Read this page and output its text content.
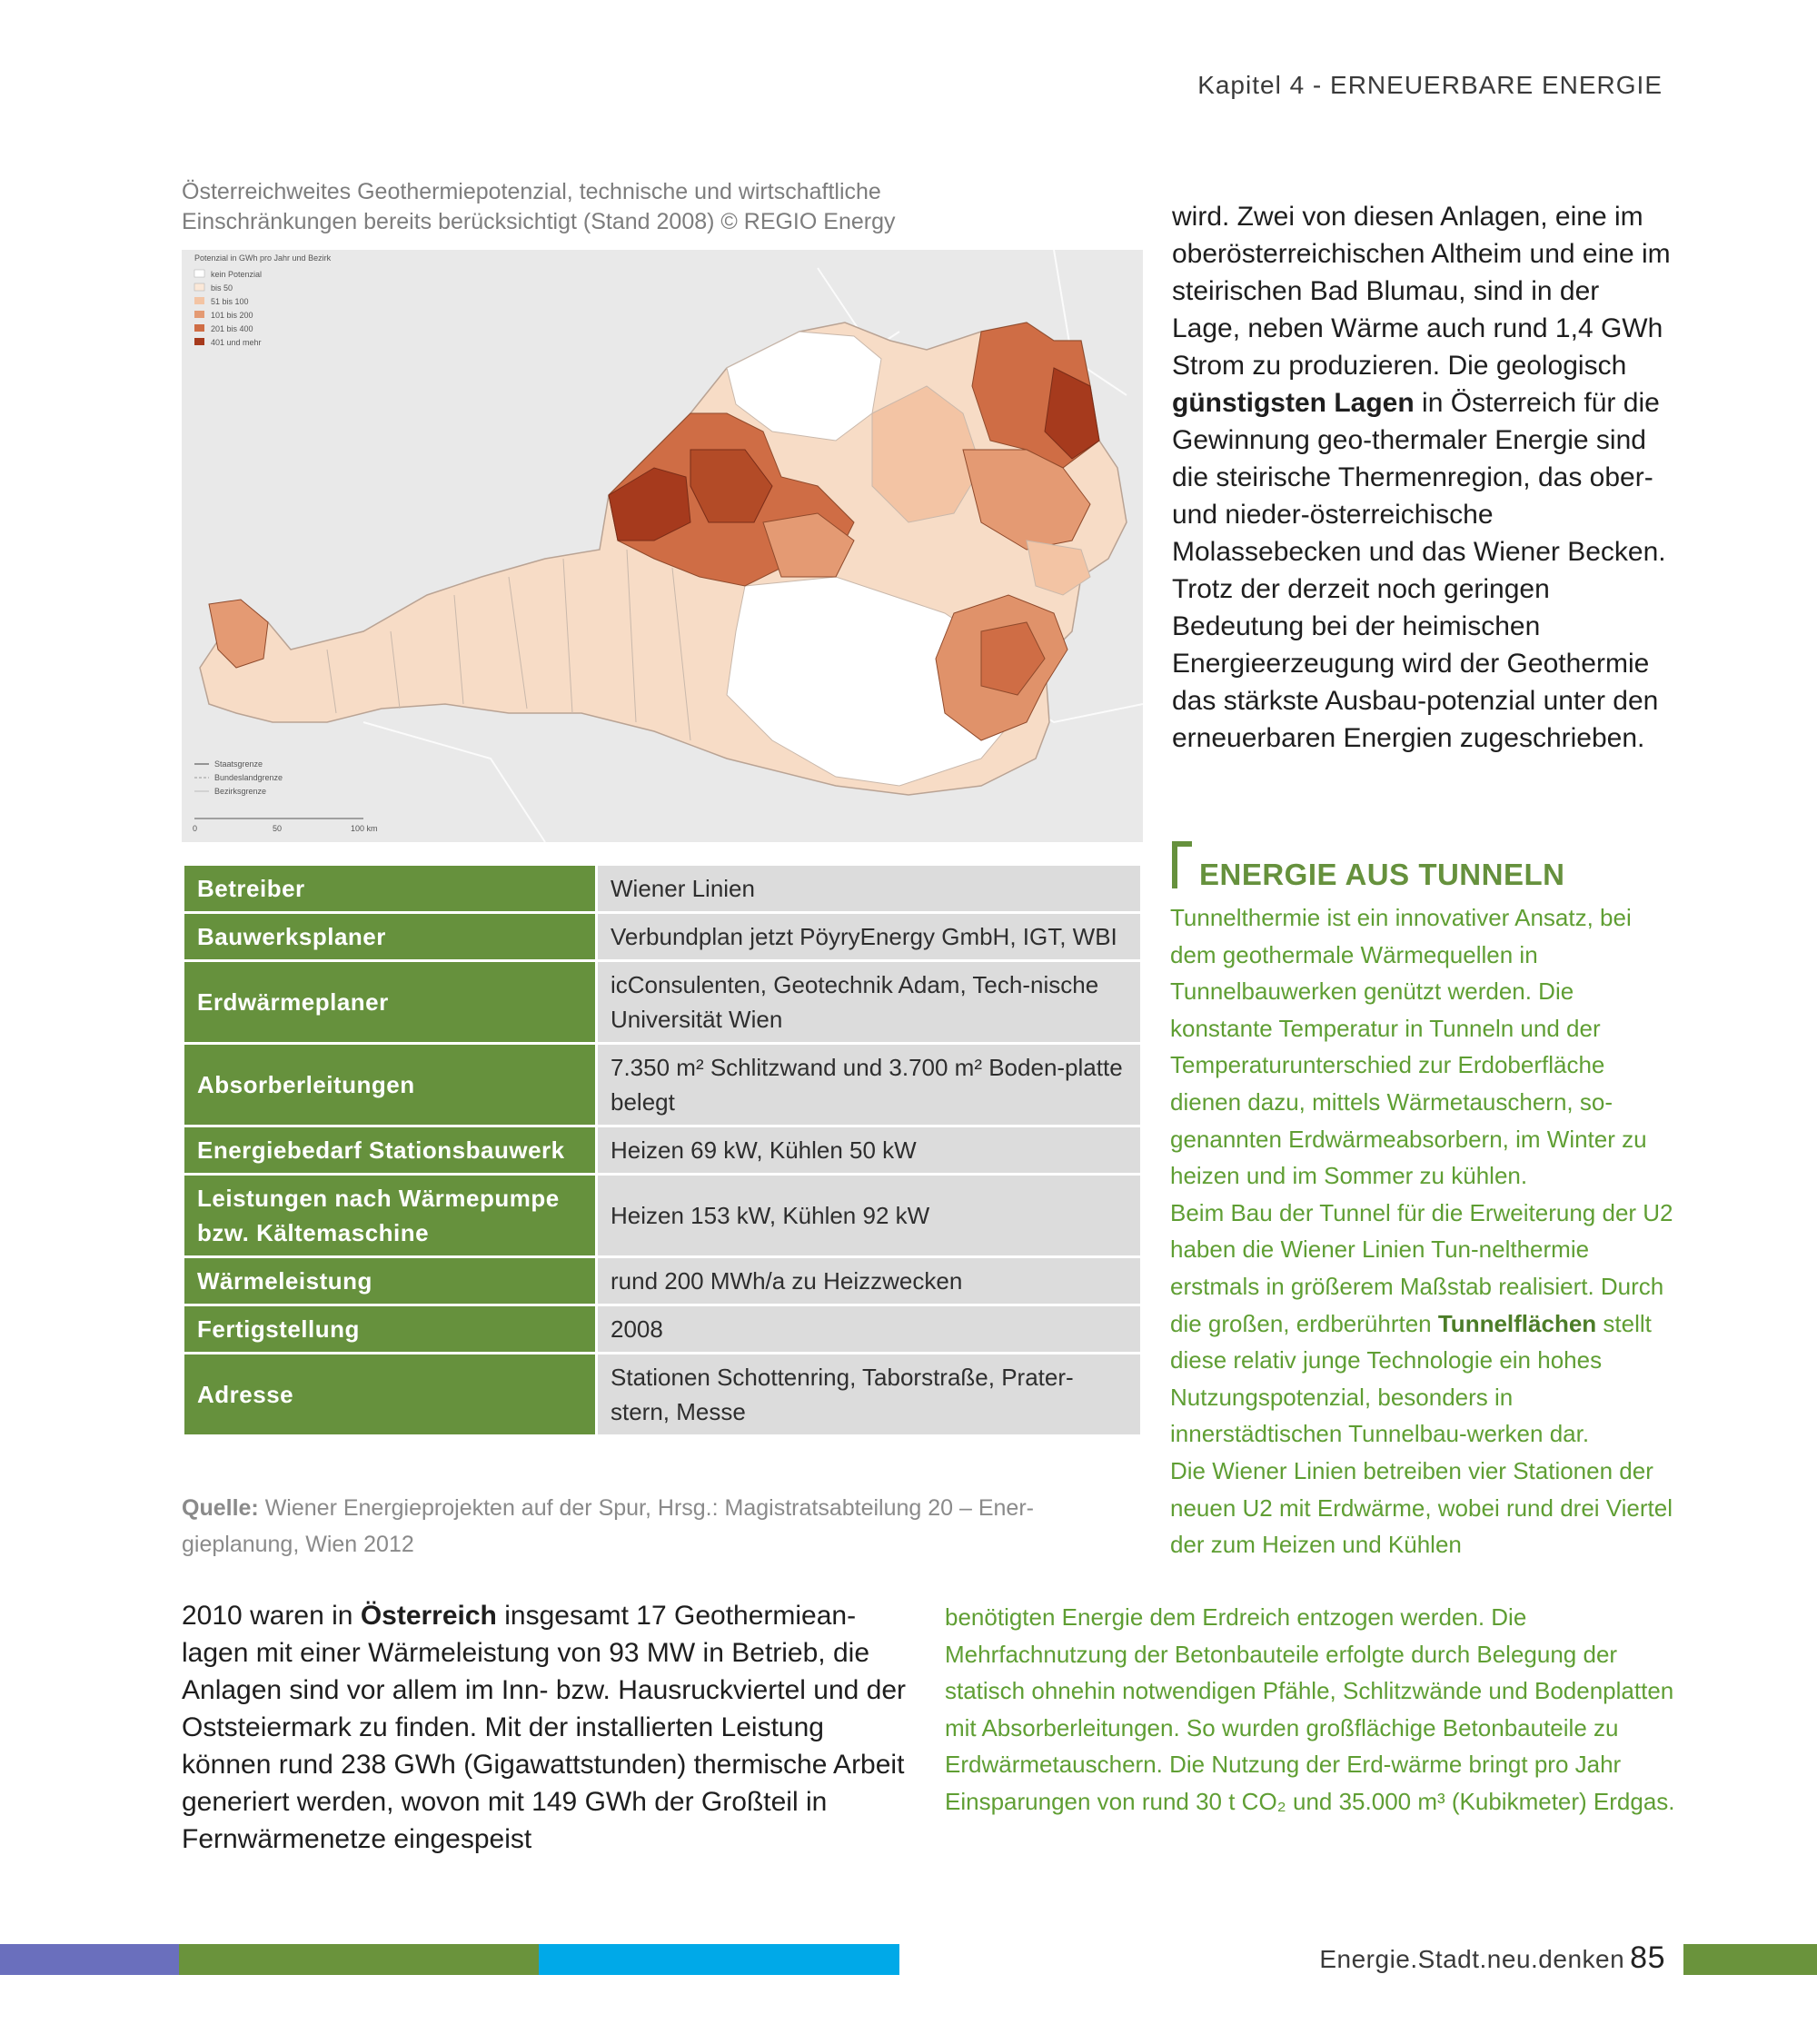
Kapitel 4 - ERNEUERBARE ENERGIE
Österreichweites Geothermiepotenzial, technische und wirtschaftliche
Einschränkungen bereits berücksichtigt (Stand 2008) © REGIO Energy
Potenzial in GWh pro Jahr und Bezirk
kein Potenzial
bis 50
51 bis 100
101 bis 200
201 bis 400
401 und mehr
Staatsgrenze
Bundeslandgrenze
Bezirksgrenze
0	50	100 km
Betreiber	Wiener Linien
Bauwerksplaner	Verbundplan jetzt PöyryEnergy GmbH, IGT, WBI
Erdwärmeplaner	icConsulenten, Geotechnik Adam, Tech-nische Universität Wien
Absorberleitungen	7.350 m² Schlitzwand und 3.700 m² Boden-platte belegt
Energiebedarf Stationsbauwerk	Heizen 69 kW, Kühlen 50 kW
Leistungen nach Wärmepumpe bzw. Kältemaschine	Heizen 153 kW, Kühlen 92 kW
Wärmeleistung	rund 200 MWh/a zu Heizzwecken
Fertigstellung	2008
Adresse	Stationen Schottenring, Taborstraße, Prater-stern, Messe
Quelle: Wiener Energieprojekten auf der Spur, Hrsg.: Magistratsabteilung 20 – Ener-gieplanung, Wien 2012
2010 waren in Österreich insgesamt 17 Geothermiean-lagen mit einer Wärmeleistung von 93 MW in Betrieb, die Anlagen sind vor allem im Inn- bzw. Hausruckviertel und der Oststeiermark zu finden. Mit der installierten Leistung können rund 238 GWh (Gigawattstunden) thermische Arbeit generiert werden, wovon mit 149 GWh der Großteil in Fernwärmenetze eingespeist
wird. Zwei von diesen Anlagen, eine im oberösterreichischen Altheim und eine im steirischen Bad Blumau, sind in der Lage, neben Wärme auch rund 1,4 GWh Strom zu produzieren. Die geologisch günstigsten Lagen in Österreich für die Gewinnung geo-thermaler Energie sind die steirische Thermenregion, das ober- und nieder-österreichische Molassebecken und das Wiener Becken. Trotz der derzeit noch geringen Bedeutung bei der heimischen Energieerzeugung wird der Geothermie das stärkste Ausbau-potenzial unter den erneuerbaren Energien zugeschrieben.
ENERGIE AUS TUNNELN
Tunnelthermie ist ein innovativer Ansatz, bei dem geothermale Wärmequellen in Tunnelbauwerken genützt werden. Die konstante Temperatur in Tunneln und der Temperaturunterschied zur Erdoberfläche dienen dazu, mittels Wärmetauschern, so-genannten Erdwärmeabsorbern, im Winter zu heizen und im Sommer zu kühlen.
Beim Bau der Tunnel für die Erweiterung der U2 haben die Wiener Linien Tun-nelthermie erstmals in größerem Maßstab realisiert. Durch die großen, erdberührten Tunnelflächen stellt diese relativ junge Technologie ein hohes Nutzungspotenzial, besonders in innerstädtischen Tunnelbau-werken dar.
Die Wiener Linien betreiben vier Stationen der neuen U2 mit Erdwärme, wobei rund drei Viertel der zum Heizen und Kühlen
benötigten Energie dem Erdreich entzogen werden. Die Mehrfachnutzung der Betonbauteile erfolgte durch Belegung der statisch ohnehin notwendigen Pfähle, Schlitzwände und Bodenplatten mit Absorberleitungen. So wurden großflächige Betonbauteile zu Erdwärmetauschern. Die Nutzung der Erd-wärme bringt pro Jahr Einsparungen von rund 30 t CO₂ und 35.000 m³ (Kubikmeter) Erdgas.
Energie.Stadt.neu.denken 85
